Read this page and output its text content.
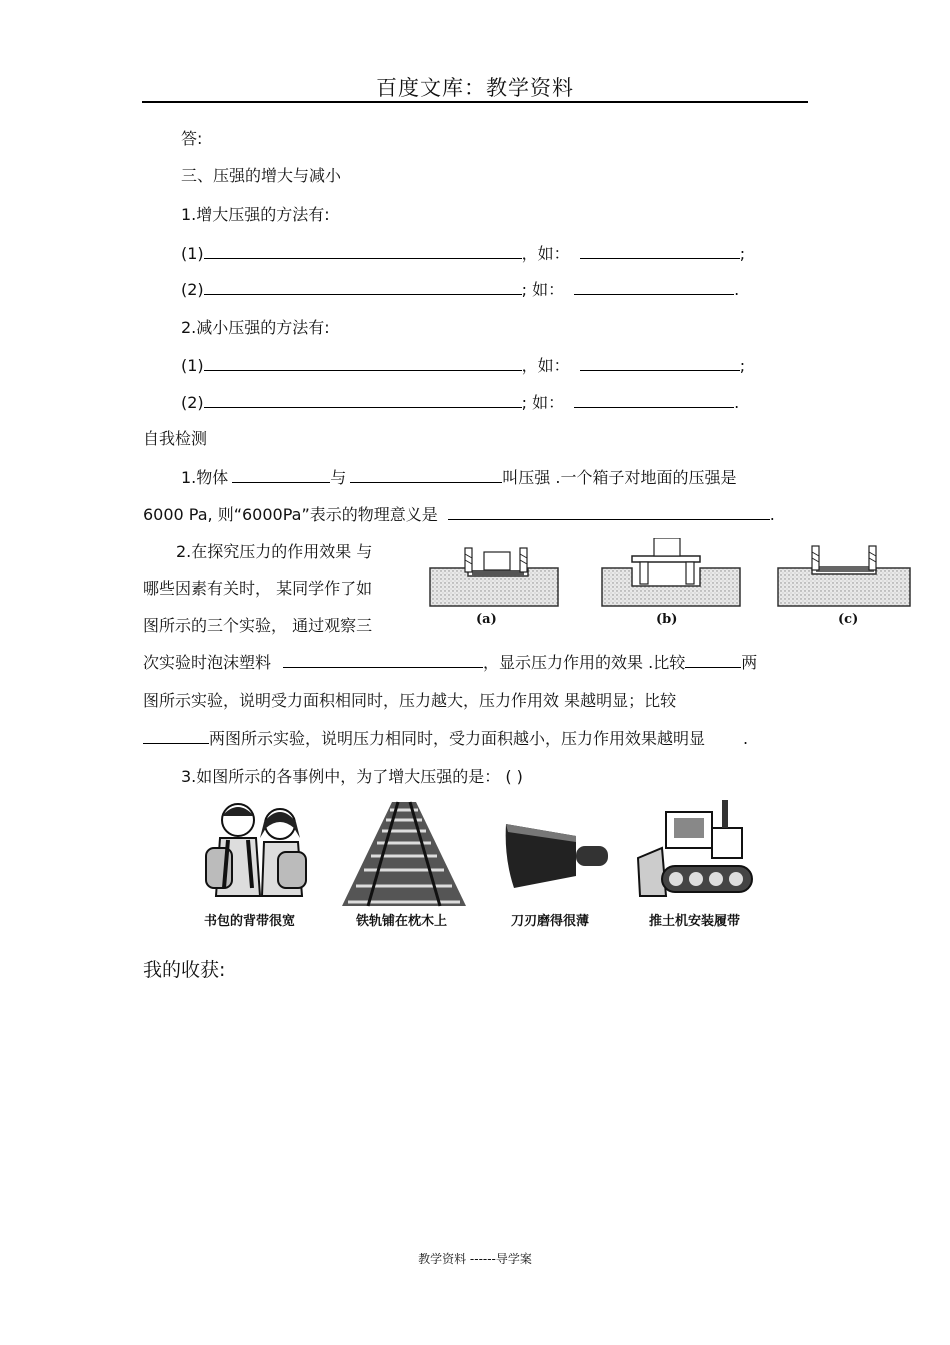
百度文库：教学资料
答:
三、压强的增大与减小
1.增大压强的方法有:
(1)	，如：	;
(2)	; 如：	.
2.减小压强的方法有:
(1)	，如：	;
(2)	; 如：	.
自我检测
1.物体	与	叫压强 .一个箱子对地面的压强是
6000 Pa, 则“6000Pa”表示的物理意义是	.
2.在探究压力的作用效果 与
哪些因素有关时， 某同学作了如
图所示的三个实验， 通过观察三
次实验时泡沫塑料	，显示压力作用的效果 .比较	两
图所示实验，说明受力面积相同时，压力越大，压力作用效 果越明显；比较
两图所示实验，说明压力相同时，受力面积越小，压力作用效果越明显 .
(a)	(b)	(c)
3.如图所示的各事例中，为了增大压强的是： ( )
书包的背带很宽	铁轨铺在枕木上	刀刃磨得很薄	推土机安装履带
我的收获:
教学资料 ------导学案
